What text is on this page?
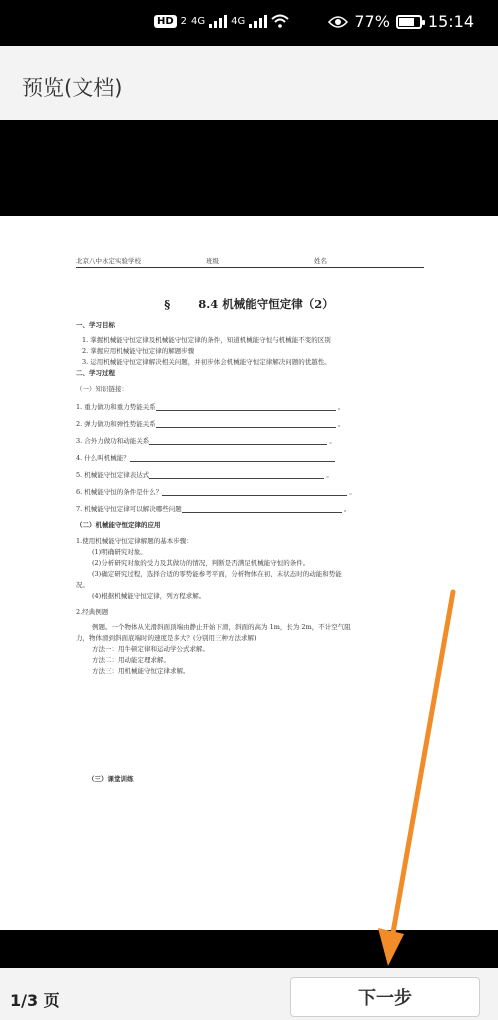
HD 2 4G	4G	77% 15:14
预览(文档)
北京八中永定实验学校	班级	姓名
§ 8.4 机械能守恒定律（2）
一、学习目标
1. 掌握机械能守恒定律及机械能守恒定律的条件，知道机械能守恒与机械能不变的区别
2. 掌握应用机械能守恒定律的解题步骤
3. 运用机械能守恒定律解决相关问题，并初步体会机械能守恒定律解决问题的优越性。
二、学习过程
（一）知识链接：
1. 重力做功和重力势能关系	。
2. 弹力做功和弹性势能关系	。
3. 合外力做功和动能关系	。
4. 什么叫机械能？
5. 机械能守恒定律表达式	。
6. 机械能守恒的条件是什么？	。
7. 机械能守恒定律可以解决哪些问题	。
（二）机械能守恒定律的应用
1.使用机械能守恒定律解题的基本步骤：
(1)明确研究对象。
(2)分析研究对象的受力及其做功的情况，判断是否满足机械能守恒的条件。
(3)确定研究过程，选择合适的零势能参考平面，分析物体在初、末状态时的动能和势能
况。
(4)根据机械能守恒定律，列方程求解。
2.经典例题
例题。一个物体从光滑斜面顶端由静止开始下滑，斜面的高为 1m，长为 2m，不计空气阻
力，物体滑到斜面底端时的速度是多大？(分别用三种方法求解)
方法一：用牛顿定律和运动学公式求解。
方法二：用动能定理求解。
方法三：用机械能守恒定律求解。
（三）课堂训练
1/3 页	下一步
